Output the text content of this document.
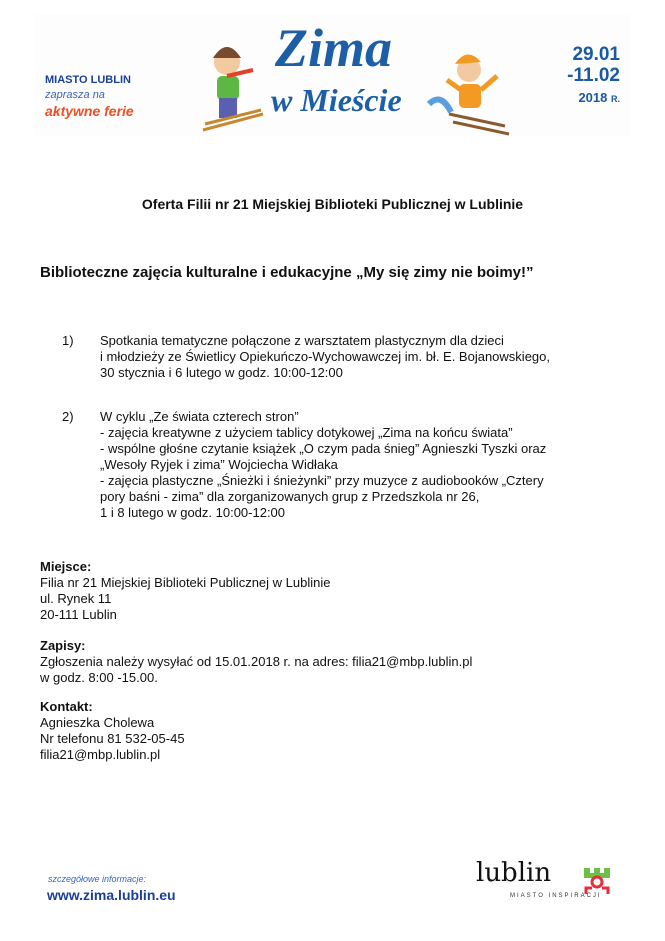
MIASTO LUBLIN
zaprasza na
aktywne ferie
Zima
w Mieście
29.01
-11.02
2018 R.
Oferta Filii nr 21 Miejskiej Biblioteki Publicznej w Lublinie
Biblioteczne zajęcia kulturalne i edukacyjne „My się zimy nie boimy!”
1) Spotkania tematyczne połączone z warsztatem plastycznym dla dzieci
i młodzieży ze Świetlicy Opiekuńczo-Wychowawczej im. bł. E. Bojanowskiego,
30 stycznia i 6 lutego w godz. 10:00-12:00
2) W cyklu „Ze świata czterech stron”
- zajęcia kreatywne z użyciem tablicy dotykowej „Zima na końcu świata”
- wspólne głośne czytanie książek „O czym pada śnieg” Agnieszki Tyszki oraz
„Wesoły Ryjek i zima” Wojciecha Widłaka
- zajęcia plastyczne „Śnieżki i śnieżynki” przy muzyce z audiobooków „Cztery
pory baśni - zima” dla zorganizowanych grup z Przedszkola nr 26,
1 i 8 lutego w godz. 10:00-12:00
Miejsce:
Filia nr 21 Miejskiej Biblioteki Publicznej w Lublinie
ul. Rynek 11
20-111 Lublin
Zapisy:
Zgłoszenia należy wysyłać od 15.01.2018 r. na adres: filia21@mbp.lublin.pl
w godz. 8:00 -15.00.
Kontakt:
Agnieszka Cholewa
Nr telefonu 81 532-05-45
filia21@mbp.lublin.pl
szczegółowe informacje:
www.zima.lublin.eu
lublin
MIASTO INSPIRACJI
